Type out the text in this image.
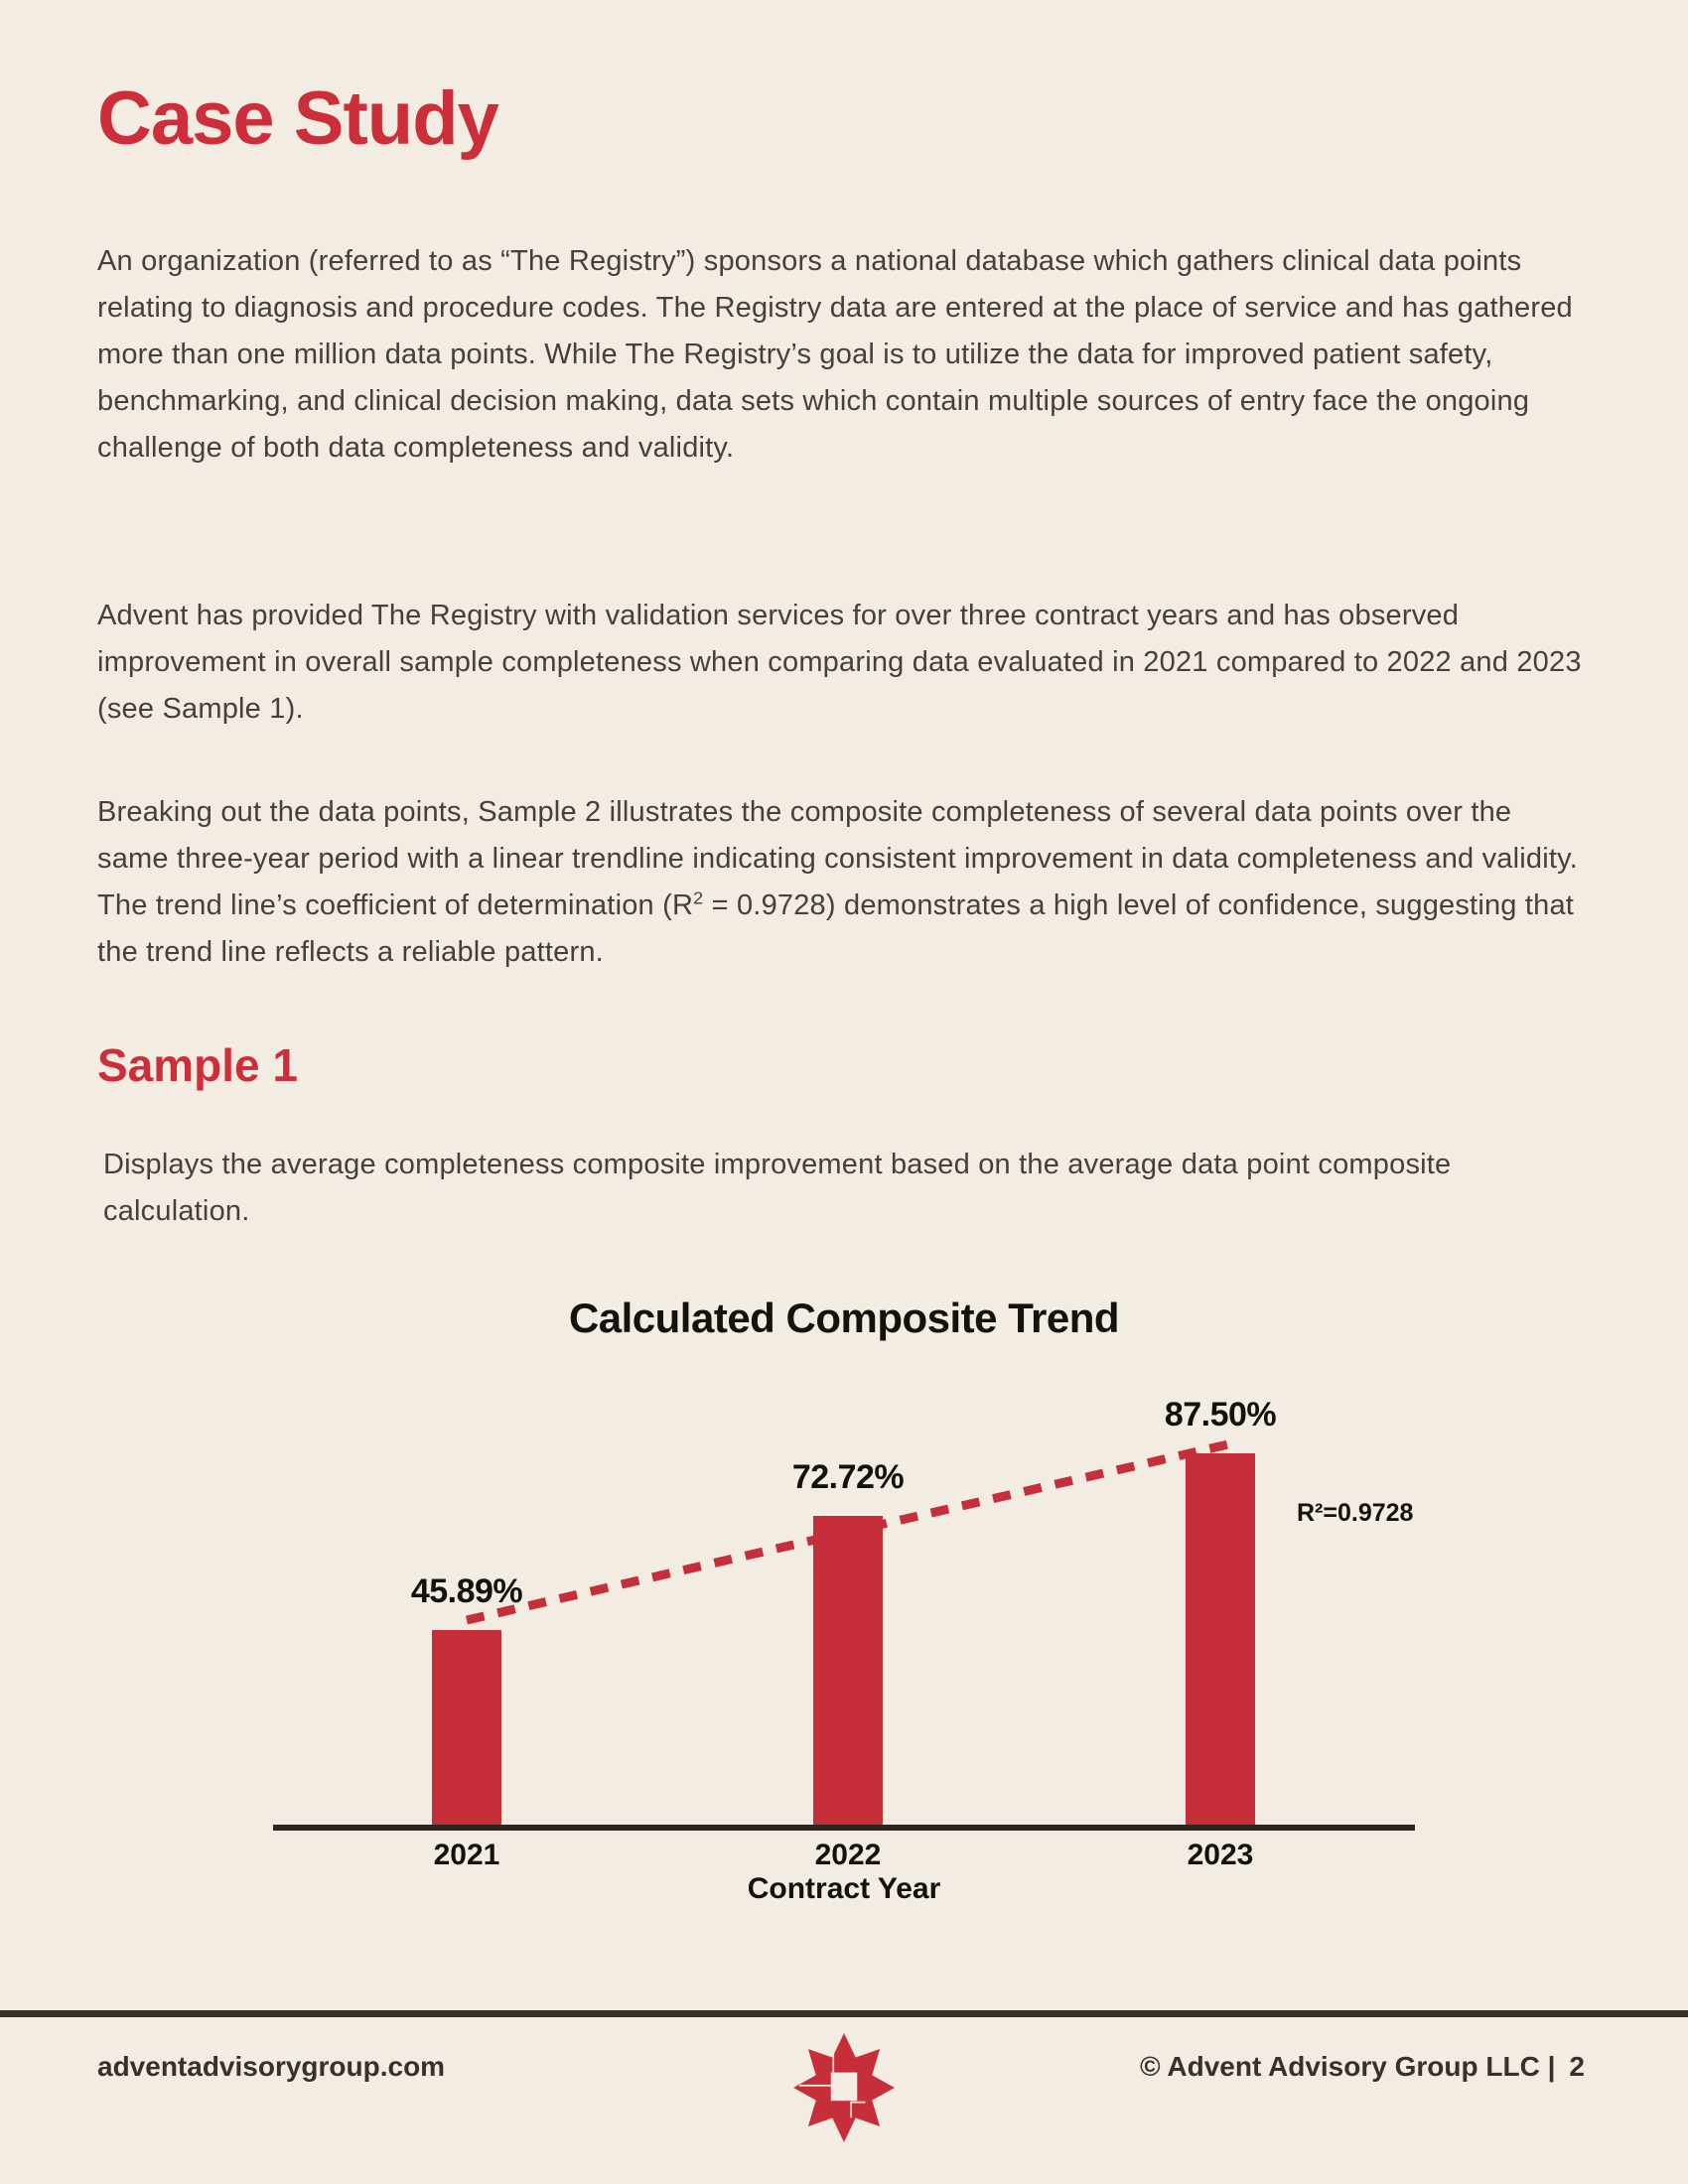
Case Study

An organization (referred to as “The Registry”) sponsors a national database which gathers clinical data points relating to diagnosis and procedure codes. The Registry data are entered at the place of service and has gathered more than one million data points. While The Registry’s goal is to utilize the data for improved patient safety, benchmarking, and clinical decision making, data sets which contain multiple sources of entry face the ongoing challenge of both data completeness and validity.

Advent has provided The Registry with validation services for over three contract years and has observed improvement in overall sample completeness when comparing data evaluated in 2021 compared to 2022 and 2023 (see Sample 1).

Breaking out the data points, Sample 2 illustrates the composite completeness of several data points over the same three-year period with a linear trendline indicating consistent improvement in data completeness and validity. The trend line’s coefficient of determination $(R^2 = 0.9728)$ demonstrates a high level of confidence, suggesting that the trend line reflects a reliable pattern.

Sample 1

Displays the average completeness composite improvement based on the average data point composite calculation.

Calculated Composite Trend
Contract Year
R²=0.9728
45.89%
2021
72.72%
2022
87.50%
2023
adventadvisorygroup.com	© Advent Advisory Group LLC | 2
